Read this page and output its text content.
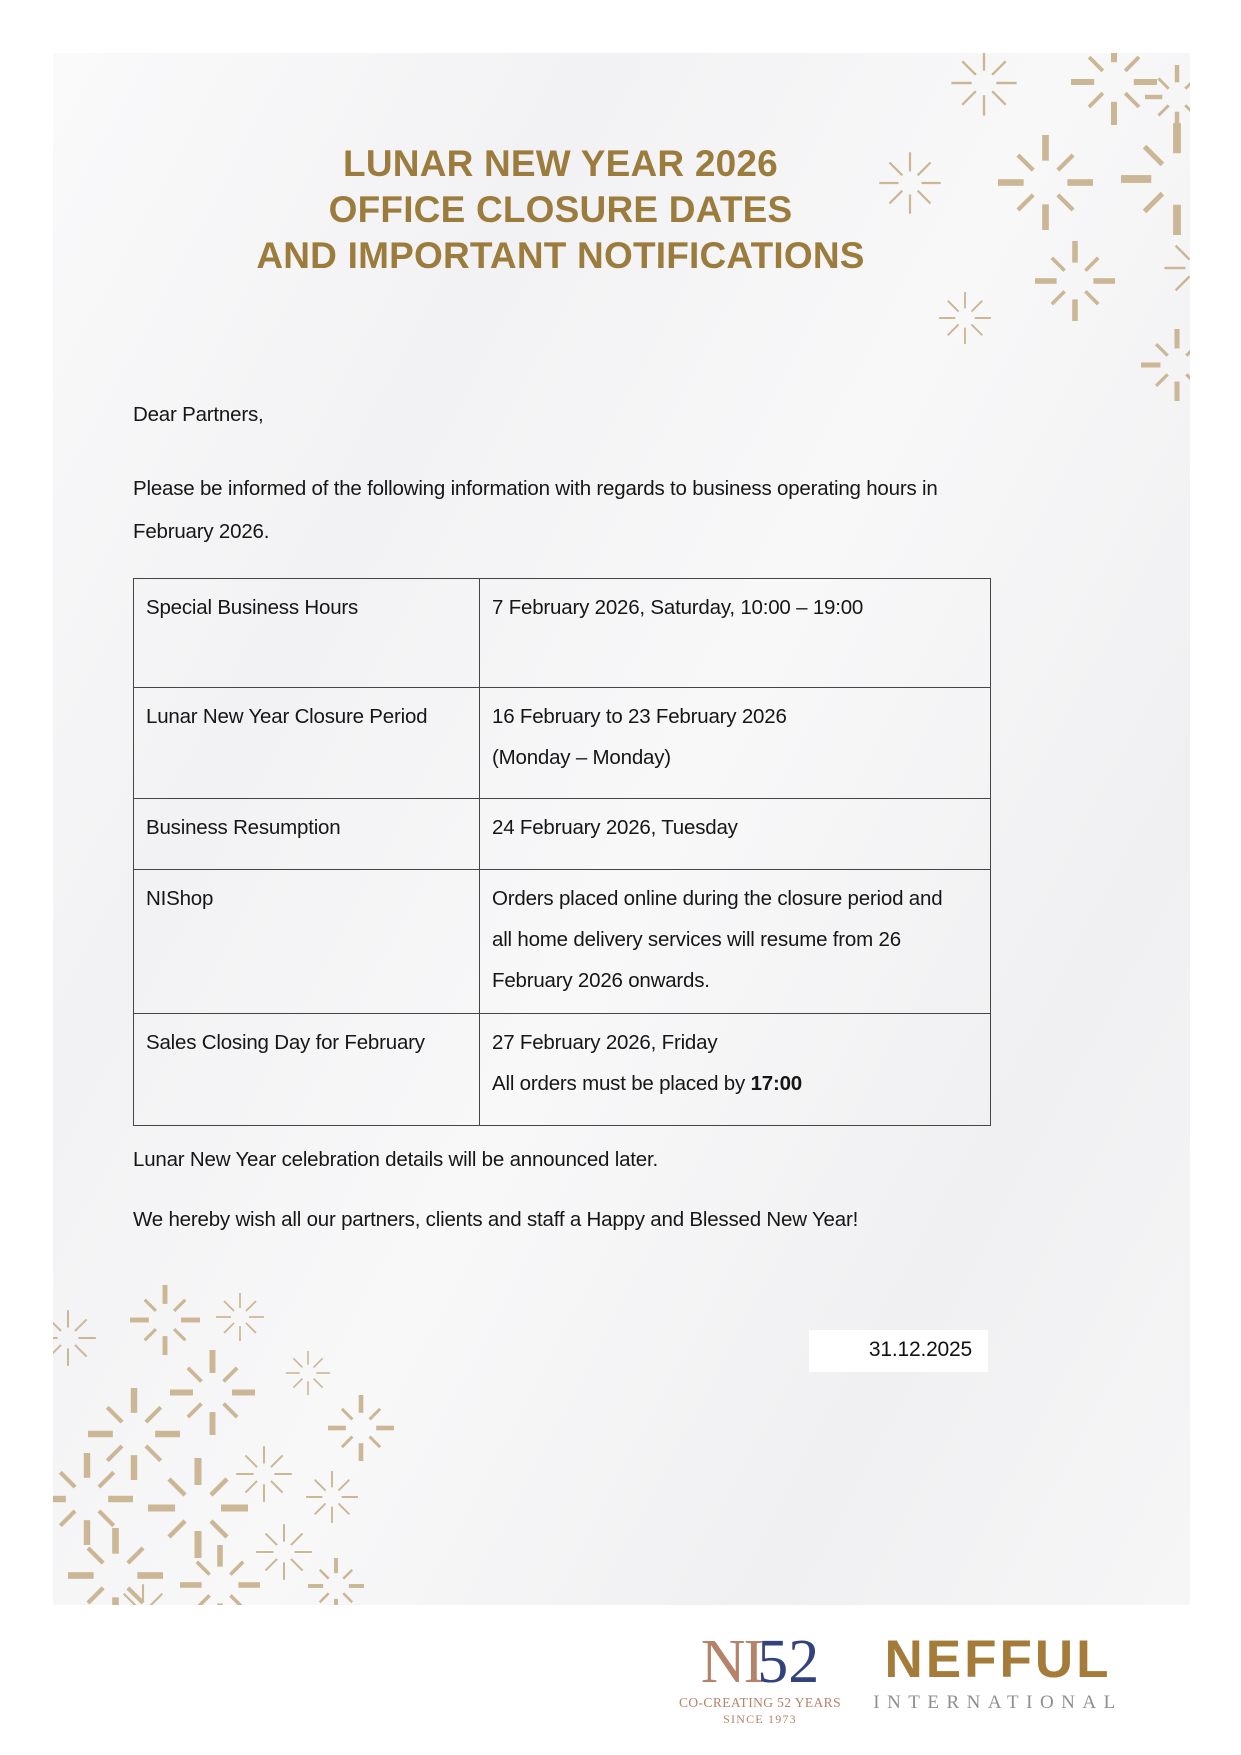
LUNAR NEW YEAR 2026
OFFICE CLOSURE DATES
AND IMPORTANT NOTIFICATIONS
Dear Partners,
Please be informed of the following information with regards to business operating hours in February 2026.
Special Business Hours	7 February 2026, Saturday, 10:00 – 19:00

Lunar New Year Closure Period	16 February to 23 February 2026
(Monday – Monday)

Business Resumption	24 February 2026, Tuesday

NIShop	Orders placed online during the closure period and all home delivery services will resume from 26 February 2026 onwards.

Sales Closing Day for February	27 February 2026, Friday
All orders must be placed by 17:00
Lunar New Year celebration details will be announced later.
We hereby wish all our partners, clients and staff a Happy and Blessed New Year!
31.12.2025
NI52
CO-CREATING 52 YEARS
SINCE 1973
NEFFUL
INTERNATIONAL
